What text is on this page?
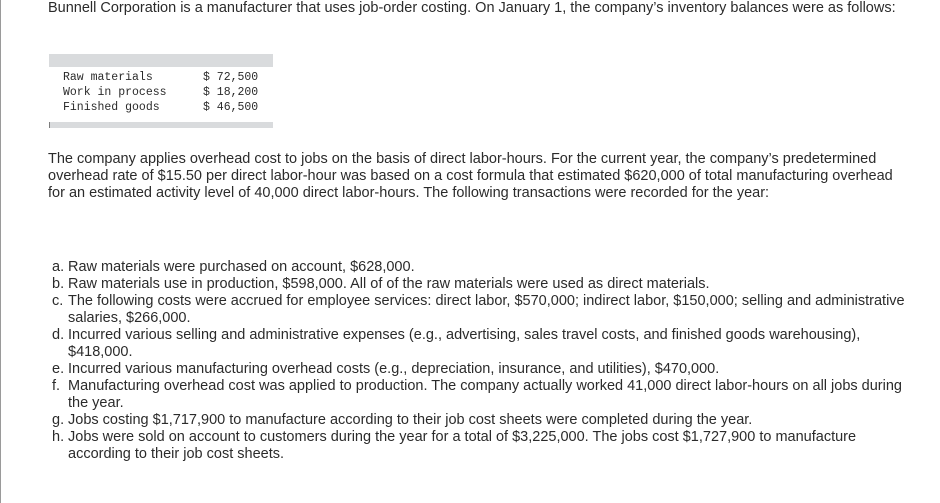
Bunnell Corporation is a manufacturer that uses job-order costing. On January 1, the company’s inventory balances were as follows:

Raw materials	$ 72,500
Work in process	$ 18,200
Finished goods	$ 46,500

The company applies overhead cost to jobs on the basis of direct labor-hours. For the current year, the company’s predetermined overhead rate of $15.50 per direct labor-hour was based on a cost formula that estimated $620,000 of total manufacturing overhead for an estimated activity level of 40,000 direct labor-hours. The following transactions were recorded for the year:

a. Raw materials were purchased on account, $628,000.
b. Raw materials use in production, $598,000. All of of the raw materials were used as direct materials.
c. The following costs were accrued for employee services: direct labor, $570,000; indirect labor, $150,000; selling and administrative salaries, $266,000.
d. Incurred various selling and administrative expenses (e.g., advertising, sales travel costs, and finished goods warehousing), $418,000.
e. Incurred various manufacturing overhead costs (e.g., depreciation, insurance, and utilities), $470,000.
f. Manufacturing overhead cost was applied to production. The company actually worked 41,000 direct labor-hours on all jobs during the year.
g. Jobs costing $1,717,900 to manufacture according to their job cost sheets were completed during the year.
h. Jobs were sold on account to customers during the year for a total of $3,225,000. The jobs cost $1,727,900 to manufacture according to their job cost sheets.
